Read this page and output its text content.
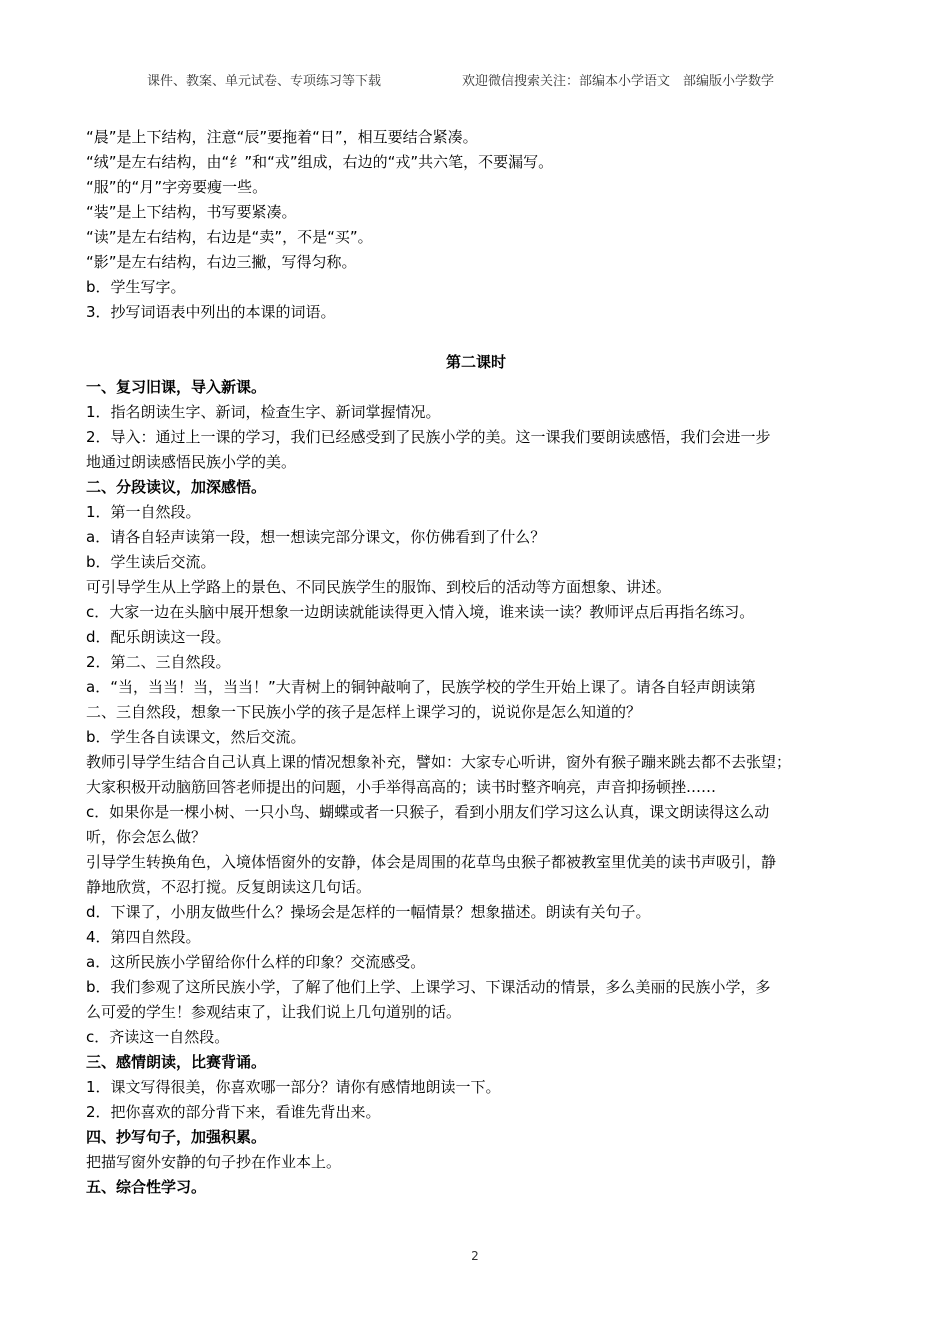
课件、教案、单元试卷、专项练习等下载	欢迎微信搜索关注：部编本小学语文　部编版小学数学
“晨”是上下结构，注意“辰”要拖着“日”，相互要结合紧凑。
“绒”是左右结构，由“纟”和“戎”组成，右边的“戎”共六笔，不要漏写。
“服”的“月”字旁要瘦一些。
“装”是上下结构，书写要紧凑。
“读”是左右结构，右边是“卖”，不是“买”。
“影”是左右结构，右边三撇，写得匀称。
b．学生写字。
3．抄写词语表中列出的本课的词语。
第二课时
一、复习旧课，导入新课。
1．指名朗读生字、新词，检查生字、新词掌握情况。
2．导入：通过上一课的学习，我们已经感受到了民族小学的美。这一课我们要朗读感悟，我们会进一步
地通过朗读感悟民族小学的美。
二、分段读议，加深感悟。
1．第一自然段。
a．请各自轻声读第一段，想一想读完部分课文，你仿佛看到了什么？
b．学生读后交流。
可引导学生从上学路上的景色、不同民族学生的服饰、到校后的活动等方面想象、讲述。
c．大家一边在头脑中展开想象一边朗读就能读得更入情入境，谁来读一读？教师评点后再指名练习。
d．配乐朗读这一段。
2．第二、三自然段。
a．“当，当当！当，当当！”大青树上的铜钟敲响了，民族学校的学生开始上课了。请各自轻声朗读第
二、三自然段，想象一下民族小学的孩子是怎样上课学习的，说说你是怎么知道的？
b．学生各自读课文，然后交流。
教师引导学生结合自己认真上课的情况想象补充，譬如：大家专心听讲，窗外有猴子蹦来跳去都不去张望；
大家积极开动脑筋回答老师提出的问题，小手举得高高的；读书时整齐响亮，声音抑扬顿挫……
c．如果你是一棵小树、一只小鸟、蝴蝶或者一只猴子，看到小朋友们学习这么认真，课文朗读得这么动
听，你会怎么做？
引导学生转换角色，入境体悟窗外的安静，体会是周围的花草鸟虫猴子都被教室里优美的读书声吸引，静
静地欣赏，不忍打搅。反复朗读这几句话。
d．下课了，小朋友做些什么？操场会是怎样的一幅情景？想象描述。朗读有关句子。
4．第四自然段。
a．这所民族小学留给你什么样的印象？交流感受。
b．我们参观了这所民族小学，了解了他们上学、上课学习、下课活动的情景，多么美丽的民族小学，多
么可爱的学生！参观结束了，让我们说上几句道别的话。
c．齐读这一自然段。
三、感情朗读，比赛背诵。
1．课文写得很美，你喜欢哪一部分？请你有感情地朗读一下。
2．把你喜欢的部分背下来，看谁先背出来。
四、抄写句子，加强积累。
把描写窗外安静的句子抄在作业本上。
五、综合性学习。
2
